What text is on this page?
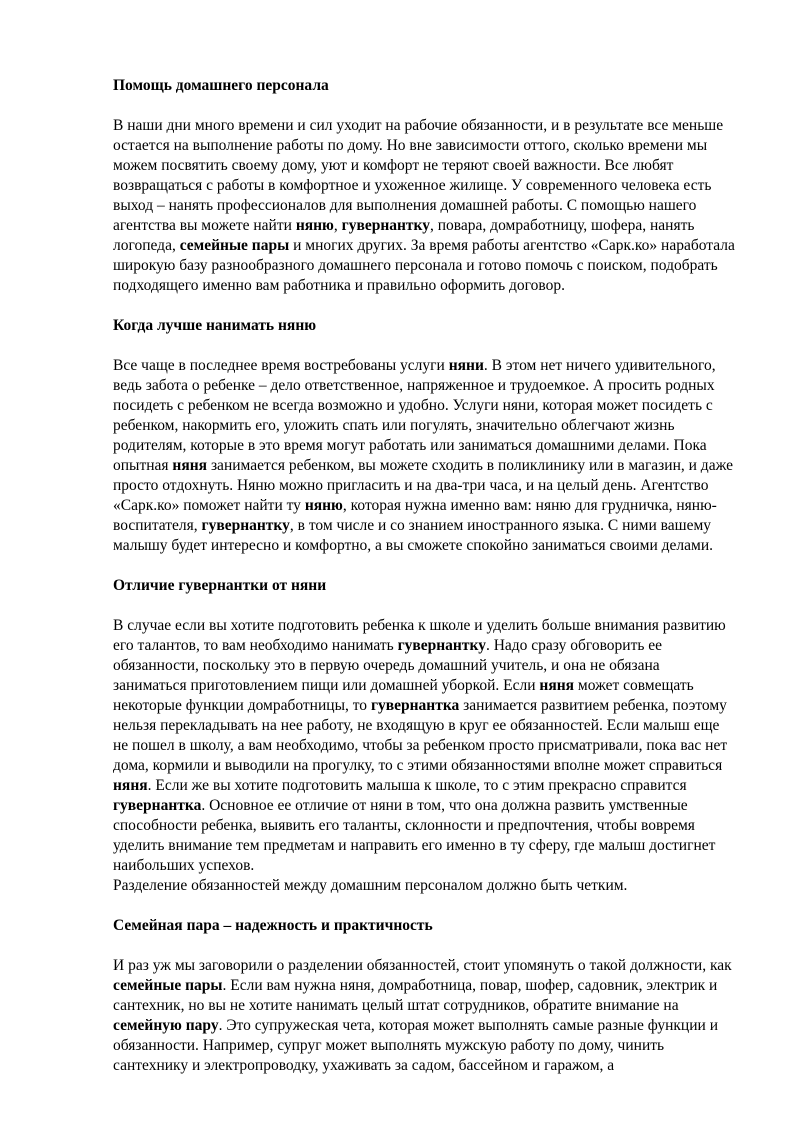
Помощь домашнего персонала

В наши дни много времени и сил уходит на рабочие обязанности, и в результате все меньше остается на выполнение работы по дому. Но вне зависимости оттого, сколько времени мы можем посвятить своему дому, уют и комфорт не теряют своей важности. Все любят возвращаться с работы в комфортное и ухоженное жилище. У современного человека есть выход – нанять профессионалов для выполнения домашней работы. С помощью нашего агентства вы можете найти няню, гувернантку, повара, домработницу, шофера, нанять логопеда, семейные пары и многих других. За время работы агентство «Сарк.ко» наработала широкую базу разнообразного домашнего персонала и готово помочь с поиском, подобрать подходящего именно вам работника и правильно оформить договор.

Когда лучше нанимать няню

Все чаще в последнее время востребованы услуги няни. В этом нет ничего удивительного, ведь забота о ребенке – дело ответственное, напряженное и трудоемкое. А просить родных посидеть с ребенком не всегда возможно и удобно. Услуги няни, которая может посидеть с ребенком, накормить его, уложить спать или погулять, значительно облегчают жизнь родителям, которые в это время могут работать или заниматься домашними делами. Пока опытная няня занимается ребенком, вы можете сходить в поликлинику или в магазин, и даже просто отдохнуть. Няню можно пригласить и на два-три часа, и на целый день. Агентство «Сарк.ко» поможет найти ту няню, которая нужна именно вам: няню для грудничка, няню-воспитателя, гувернантку, в том числе и со знанием иностранного языка. С ними вашему малышу будет интересно и комфортно, а вы сможете спокойно заниматься своими делами.

Отличие гувернантки от няни

В случае если вы хотите подготовить ребенка к школе и уделить больше внимания развитию его талантов, то вам необходимо нанимать гувернантку. Надо сразу обговорить ее обязанности, поскольку это в первую очередь домашний учитель, и она не обязана заниматься приготовлением пищи или домашней уборкой. Если няня может совмещать некоторые функции домработницы, то гувернантка занимается развитием ребенка, поэтому нельзя перекладывать на нее работу, не входящую в круг ее обязанностей. Если малыш еще не пошел в школу, а вам необходимо, чтобы за ребенком просто присматривали, пока вас нет дома, кормили и выводили на прогулку, то с этими обязанностями вполне может справиться няня. Если же вы хотите подготовить малыша к школе, то с этим прекрасно справится гувернантка. Основное ее отличие от няни в том, что она должна развить умственные способности ребенка, выявить его таланты, склонности и предпочтения, чтобы вовремя уделить внимание тем предметам и направить его именно в ту сферу, где малыш достигнет наибольших успехов.

Разделение обязанностей между домашним персоналом должно быть четким.

Семейная пара – надежность и практичность

И раз уж мы заговорили о разделении обязанностей, стоит упомянуть о такой должности, как семейные пары. Если вам нужна няня, домработница, повар, шофер, садовник, электрик и сантехник, но вы не хотите нанимать целый штат сотрудников, обратите внимание на семейную пару. Это супружеская чета, которая может выполнять самые разные функции и обязанности. Например, супруг может выполнять мужскую работу по дому, чинить сантехнику и электропроводку, ухаживать за садом, бассейном и гаражом, а
